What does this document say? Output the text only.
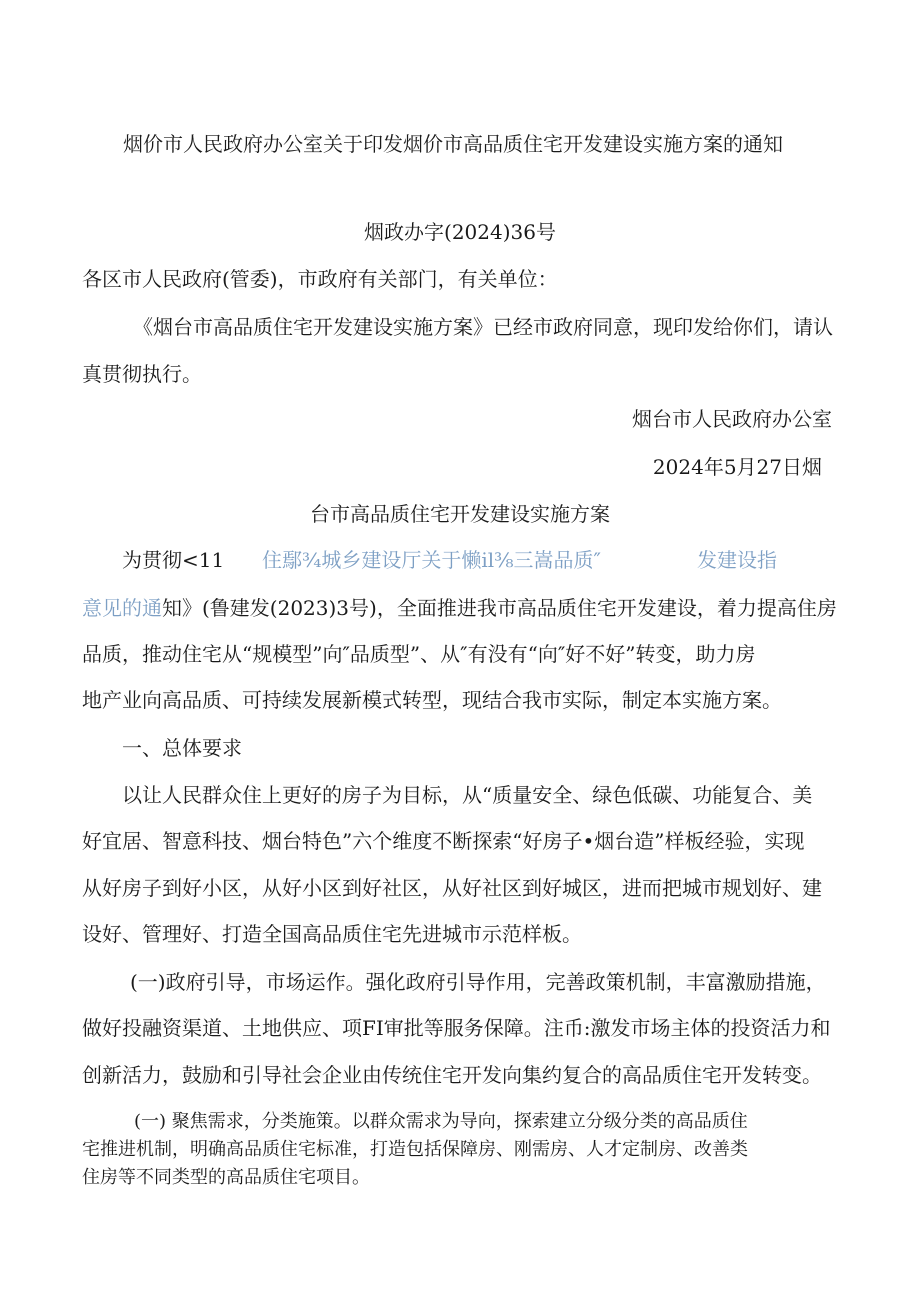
烟价市人民政府办公室关于印发烟价市高品质住宅开发建设实施方案的通知
烟政办字(2024)36号
各区市人民政府(管委)，市政府有关部门，有关单位：
《烟台市高品质住宅开发建设实施方案》已经市政府同意，现印发给你们，请认
真贯彻执行。
烟台市人民政府办公室
2024年5月27日烟
台市高品质住宅开发建设实施方案
为贯彻<11 住鄢¾城乡建设厅关于懒il⅜三嵩品质″	发建设指
意见的通知》(鲁建发(2023)3号)，全面推进我市高品质住宅开发建设，着力提高住房
品质，推动住宅从“规模型”向″品质型”、从″有没有“向″好不好”转变，助力房
地产业向高品质、可持续发展新模式转型，现结合我市实际，制定本实施方案。
一、总体要求
以让人民群众住上更好的房子为目标，从“质量安全、绿色低碳、功能复合、美
好宜居、智意科技、烟台特色”六个维度不断探索“好房子•烟台造”样板经验，实现
从好房子到好小区，从好小区到好社区，从好社区到好城区，进而把城市规划好、建
设好、管理好、打造全国高品质住宅先进城市示范样板。
(一)政府引导，市场运作。强化政府引导作用，完善政策机制，丰富激励措施，
做好投融资渠道、土地供应、项FI审批等服务保障。注币:激发市场主体的投资活力和
创新活力，鼓励和引导社会企业由传统住宅开发向集约复合的高品质住宅开发转变。
(一) 聚焦需求，分类施策。以群众需求为导向，探索建立分级分类的高品质住
宅推进机制，明确高品质住宅标准，打造包括保障房、刚需房、人才定制房、改善类
住房等不同类型的高品质住宅项目。
